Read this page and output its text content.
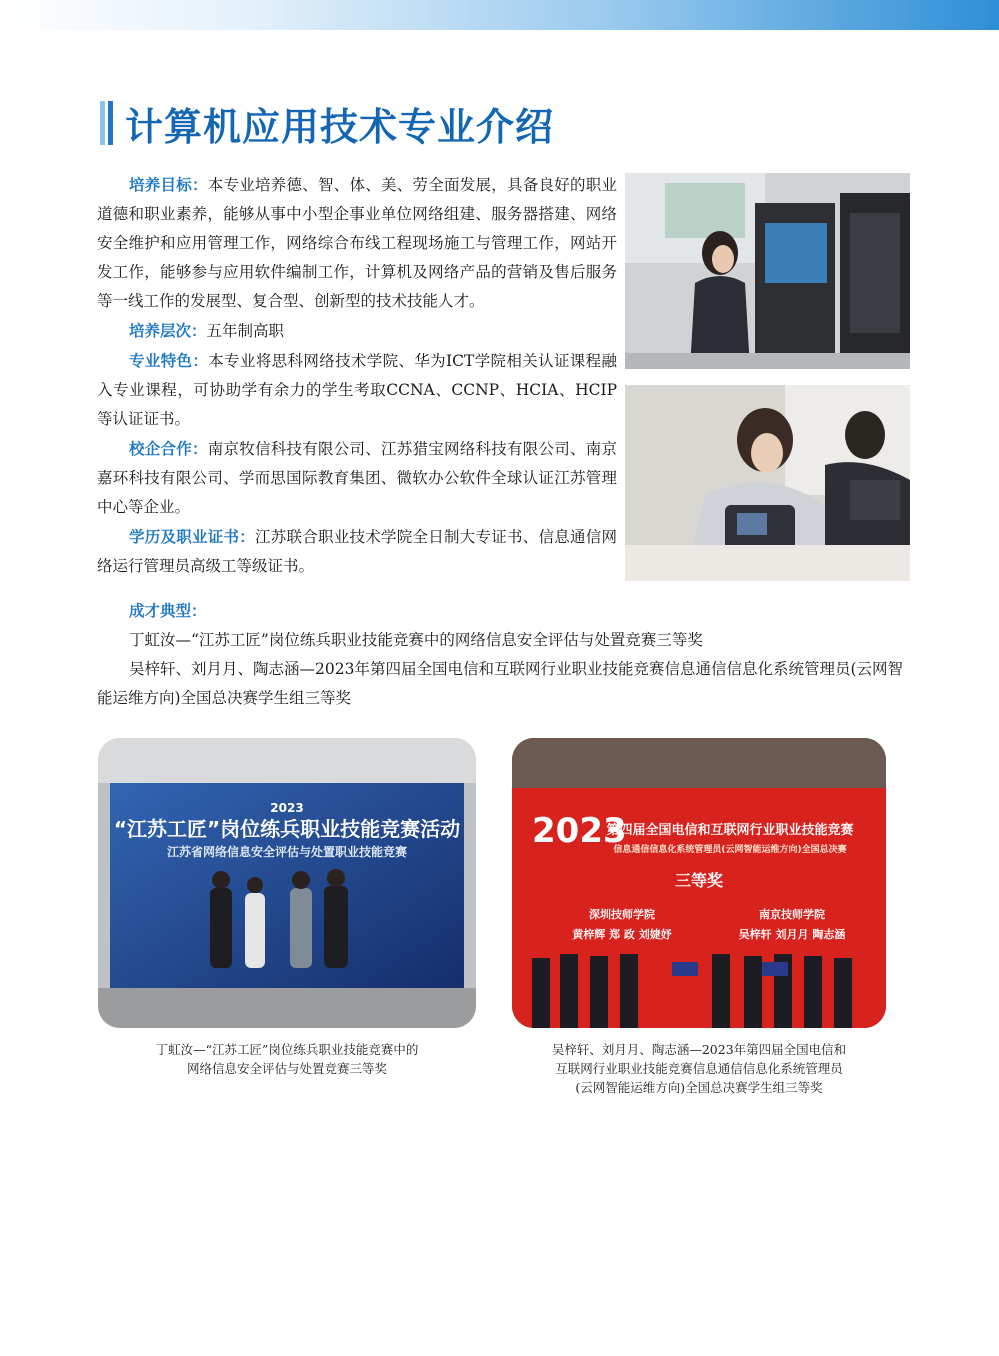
计算机应用技术专业介绍

培养目标：本专业培养德、智、体、美、劳全面发展，具备良好的职业道德和职业素养，能够从事中小型企事业单位网络组建、服务器搭建、网络安全维护和应用管理工作，网络综合布线工程现场施工与管理工作，网站开发工作，能够参与应用软件编制工作，计算机及网络产品的营销及售后服务等一线工作的发展型、复合型、创新型的技术技能人才。

培养层次：五年制高职

专业特色：本专业将思科网络技术学院、华为ICT学院相关认证课程融入专业课程，可协助学有余力的学生考取CCNA、CCNP、HCIA、HCIP等认证证书。

校企合作：南京牧信科技有限公司、江苏猎宝网络科技有限公司、南京嘉环科技有限公司、学而思国际教育集团、微软办公软件全球认证江苏管理中心等企业。

学历及职业证书：江苏联合职业技术学院全日制大专证书、信息通信网络运行管理员高级工等级证书。

成才典型：

丁虹汝—“江苏工匠”岗位练兵职业技能竞赛中的网络信息安全评估与处置竞赛三等奖

吴梓轩、刘月月、陶志涵—2023年第四届全国电信和互联网行业职业技能竞赛信息通信信息化系统管理员(云网智能运维方向)全国总决赛学生组三等奖

2023
“江苏工匠”岗位练兵职业技能竞赛活动
江苏省网络信息安全评估与处置职业技能竞赛
2023
第四届全国电信和互联网行业职业技能竞赛
信息通信信息化系统管理员(云网智能运维方向)全国总决赛
三等奖
深圳技师学院
黄梓辉 郑 政 刘婕妤
南京技师学院
吴梓轩 刘月月 陶志涵
丁虹汝—“江苏工匠”岗位练兵职业技能竞赛中的
网络信息安全评估与处置竞赛三等奖
吴梓轩、刘月月、陶志涵—2023年第四届全国电信和
互联网行业职业技能竞赛信息通信信息化系统管理员
(云网智能运维方向)全国总决赛学生组三等奖
